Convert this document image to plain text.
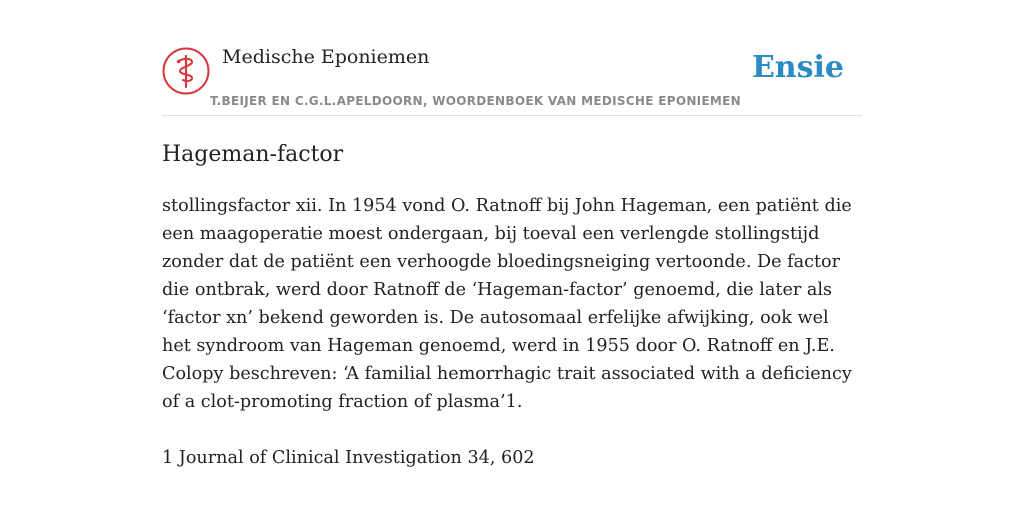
Medische Eponiemen
T.BEIJER EN C.G.L.APELDOORN, WOORDENBOEK VAN MEDISCHE EPONIEMEN
Ensie
Hageman-factor

stollingsfactor xii. In 1954 vond O. Ratnoff bij John Hageman, een patiënt die een maagoperatie moest ondergaan, bij toeval een verlengde stollingstijd zonder dat de patiënt een verhoogde bloedingsneiging vertoonde. De factor die ontbrak, werd door Ratnoff de ‘Hageman-factor’ genoemd, die later als ‘factor xn’ bekend geworden is. De autosomaal erfelijke afwijking, ook wel het syndroom van Hageman genoemd, werd in 1955 door O. Ratnoff en J.E. Colopy beschreven: ‘A familial hemorrhagic trait associated with a deficiency of a clot-promoting fraction of plasma’1.

1 Journal of Clinical Investigation 34, 602
